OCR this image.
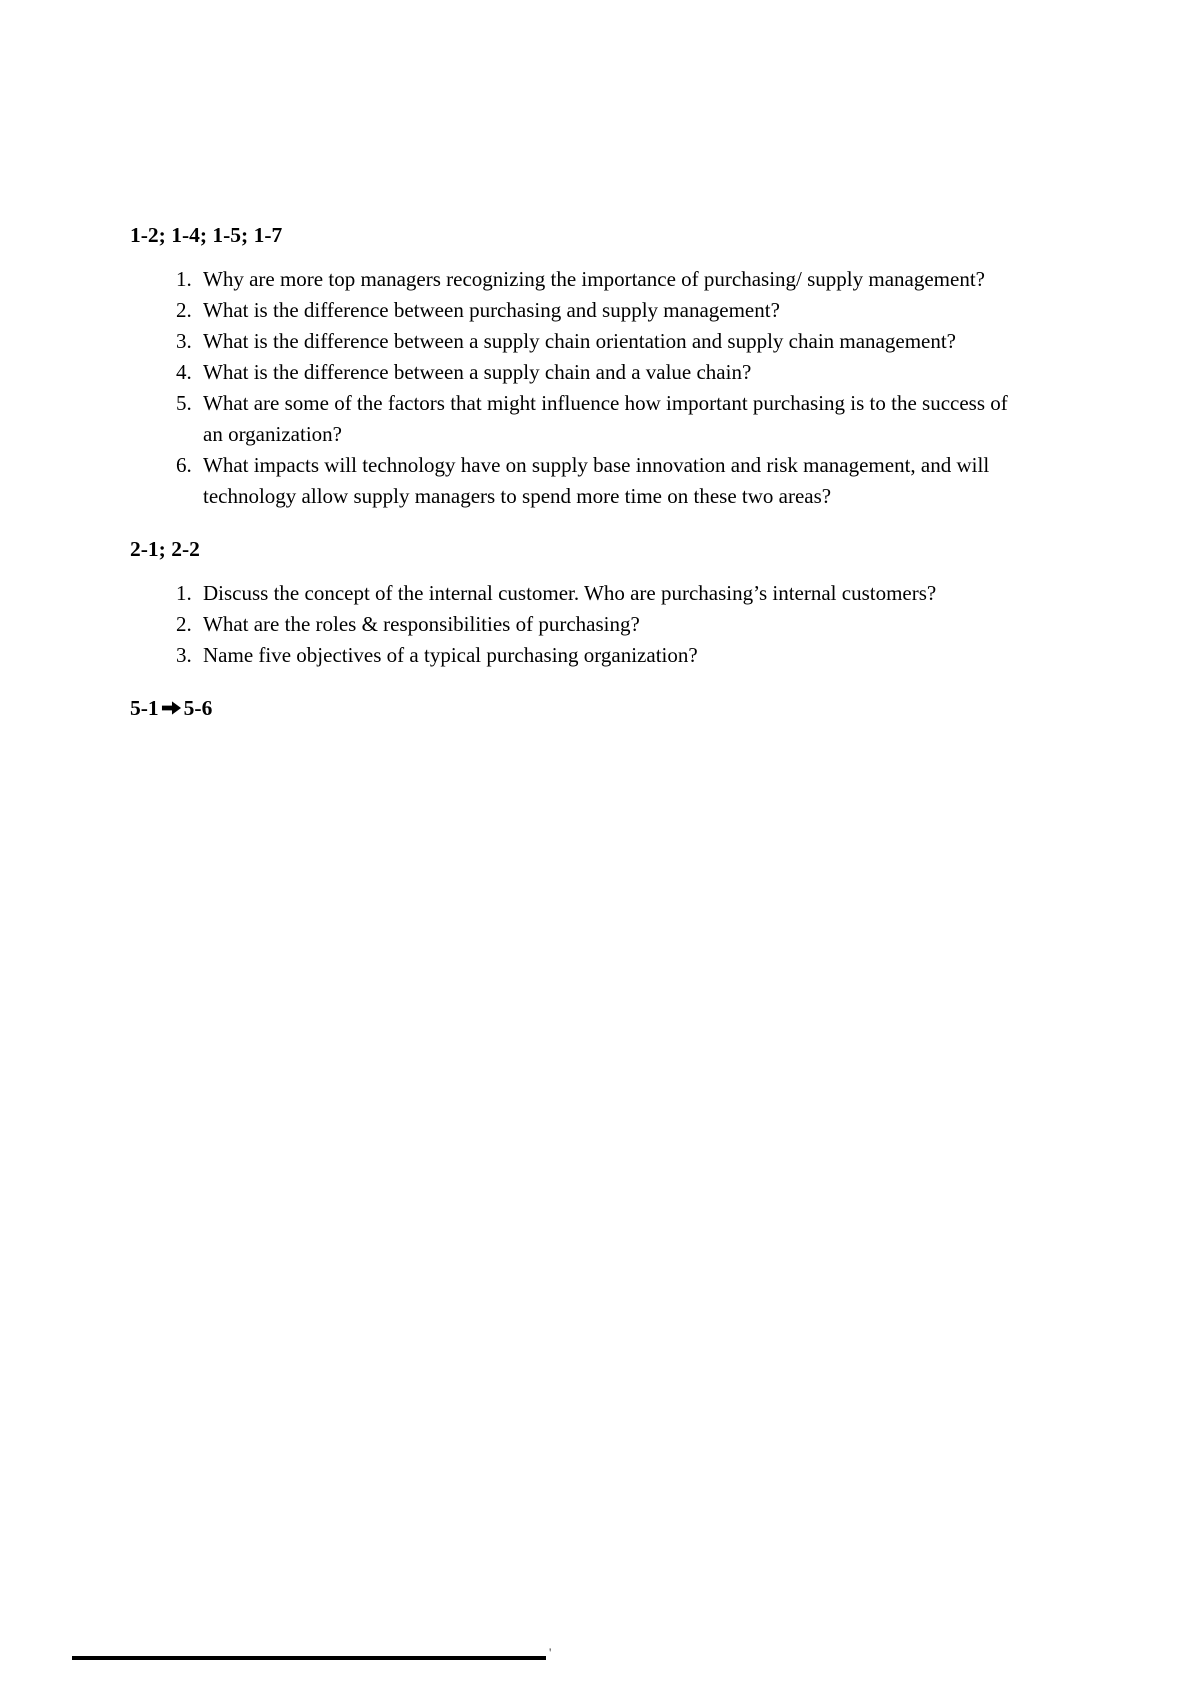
1-2; 1-4; 1-5; 1-7
1. Why are more top managers recognizing the importance of purchasing/ supply management?
2. What is the difference between purchasing and supply management?
3. What is the difference between a supply chain orientation and supply chain management?
4. What is the difference between a supply chain and a value chain?
5. What are some of the factors that might influence how important purchasing is to the success of an organization?
6. What impacts will technology have on supply base innovation and risk management, and will technology allow supply managers to spend more time on these two areas?
2-1; 2-2
1. Discuss the concept of the internal customer. Who are purchasing’s internal customers?
2. What are the roles & responsibilities of purchasing?
3. Name five objectives of a typical purchasing organization?
5-1 5-6
'
